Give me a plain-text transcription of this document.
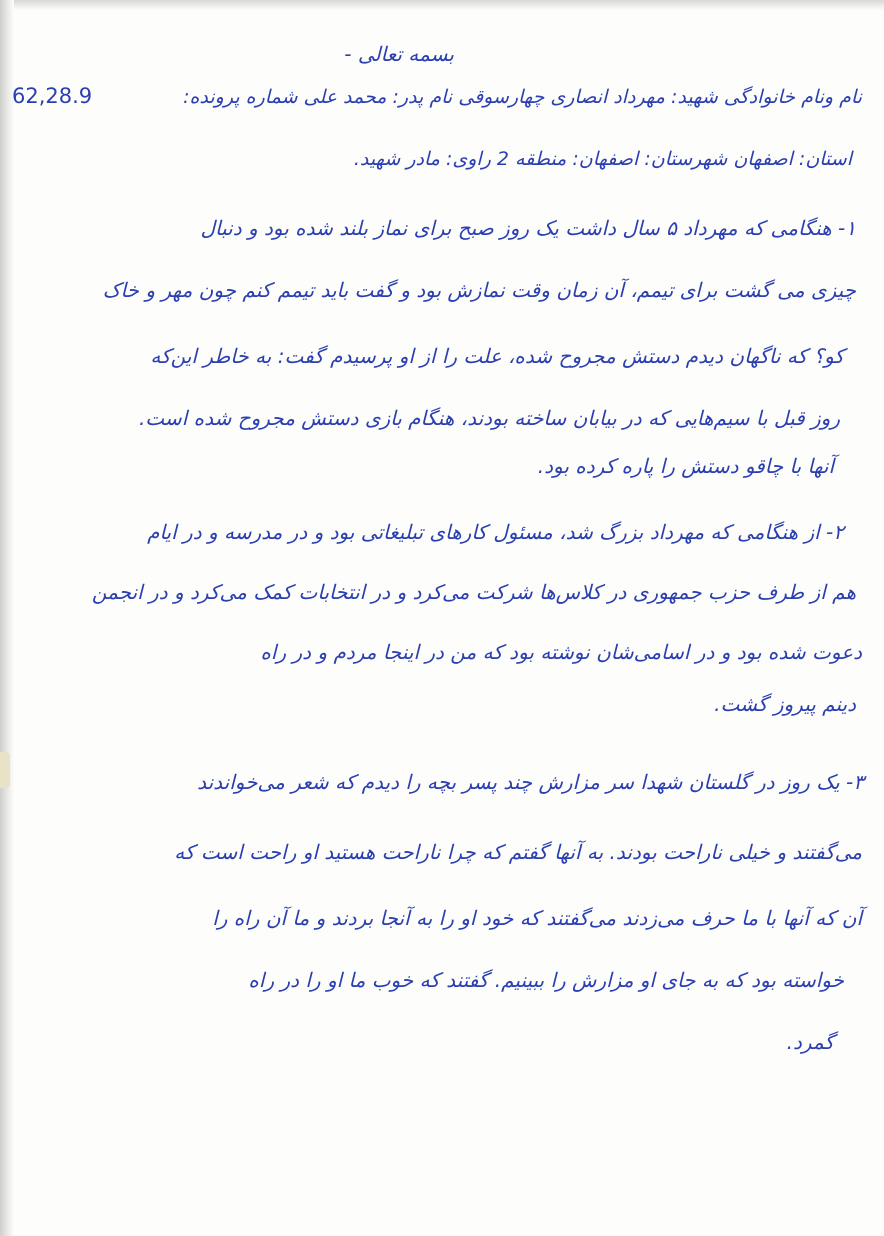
بسمه تعالی -
62,28.9	نام ونام خانوادگی شهید: مهرداد انصاری چهارسوقی نام پدر: محمد علی شماره پرونده:
استان: اصفهان شهرستان: اصفهان: منطقه 2 راوی: مادر شهید.
۱- هنگامی که مهرداد ۵ سال داشت یک روز صبح برای نماز بلند شده بود و دنبال
چیزی می گشت برای تیمم، آن زمان وقت نمازش بود و گفت باید تیمم کنم چون مهر و خاک
کو؟ که ناگهان دیدم دستش مجروح شده، علت را از او پرسیدم گفت: به خاطر این‌که
روز قبل با سیم‌هایی که در بیابان ساخته بودند، هنگام بازی دستش مجروح شده است.
آنها با چاقو دستش را پاره کرده بود.
۲- از هنگامی که مهرداد بزرگ شد، مسئول کارهای تبلیغاتی بود و در مدرسه و در ایام
هم از طرف حزب جمهوری در کلاس‌ها شرکت می‌کرد و در انتخابات کمک می‌کرد و در انجمن
دعوت شده بود و در اسامی‌شان نوشته بود که من در اینجا مردم و در راه
دینم پیروز گشت.
۳- یک روز در گلستان شهدا سر مزارش چند پسر بچه را دیدم که شعر می‌خواندند
می‌گفتند و خیلی ناراحت بودند. به آنها گفتم که چرا ناراحت هستید او راحت است که
آن که آنها با ما حرف می‌زدند می‌گفتند که خود او را به آنجا بردند و ما آن راه را
خواسته بود که به جای او مزارش را ببینیم. گفتند که خوب ما او را در راه
گمرد.
